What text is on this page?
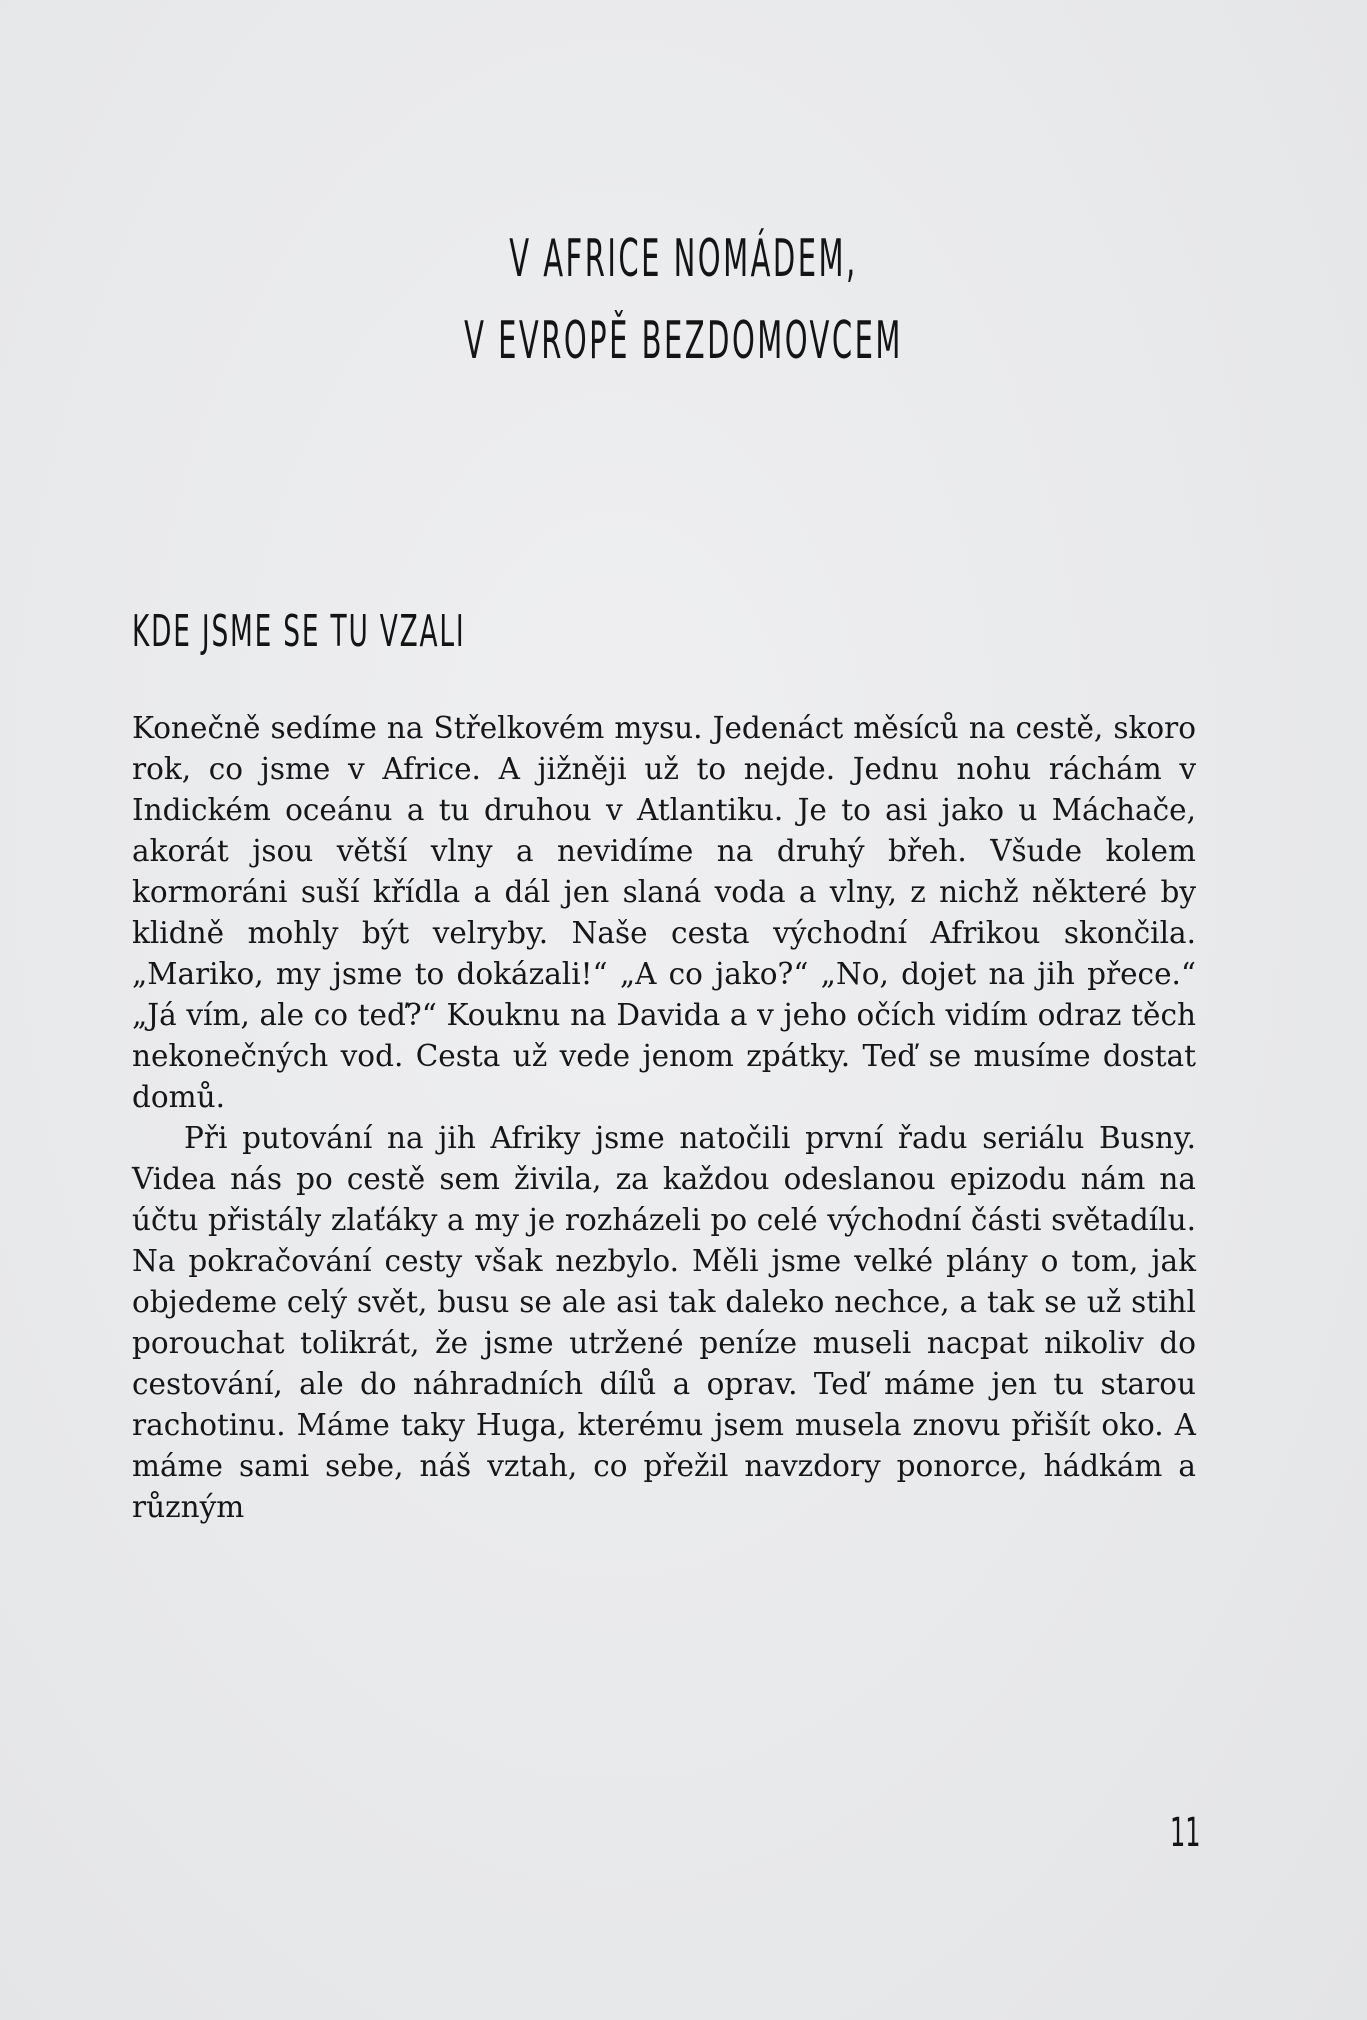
V AFRICE NOMÁDEM,
V EVROPĚ BEZDOMOVCEM
KDE JSME SE TU VZALI

Konečně sedíme na Střelkovém mysu. Jedenáct měsíců na cestě, skoro rok, co jsme v Africe. A jižněji už to nejde. Jednu nohu ráchám v Indickém oceánu a tu druhou v Atlantiku. Je to asi jako u Máchače, akorát jsou větší vlny a nevidíme na druhý břeh. Všude kolem kormoráni suší křídla a dál jen slaná voda a vlny, z nichž některé by klidně mohly být velryby. Naše cesta východní Afrikou skončila. „Mariko, my jsme to dokázali!“ „A co jako?“ „No, dojet na jih přece.“ „Já vím, ale co teď?“ Kouknu na Davida a v jeho očích vidím odraz těch nekonečných vod. Cesta už vede jenom zpátky. Teď se musíme dostat domů.

Při putování na jih Afriky jsme natočili první řadu seriálu Busny. Videa nás po cestě sem živila, za každou odeslanou epizodu nám na účtu přistály zlaťáky a my je rozházeli po celé východní části světadílu. Na pokračování cesty však nezbylo. Měli jsme velké plány o tom, jak objedeme celý svět, busu se ale asi tak daleko nechce, a tak se už stihl porouchat tolikrát, že jsme utržené peníze museli nacpat nikoliv do cestování, ale do náhradních dílů a oprav. Teď máme jen tu starou rachotinu. Máme taky Huga, kterému jsem musela znovu přišít oko. A máme sami sebe, náš vztah, co přežil navzdory ponorce, hádkám a různým

11
